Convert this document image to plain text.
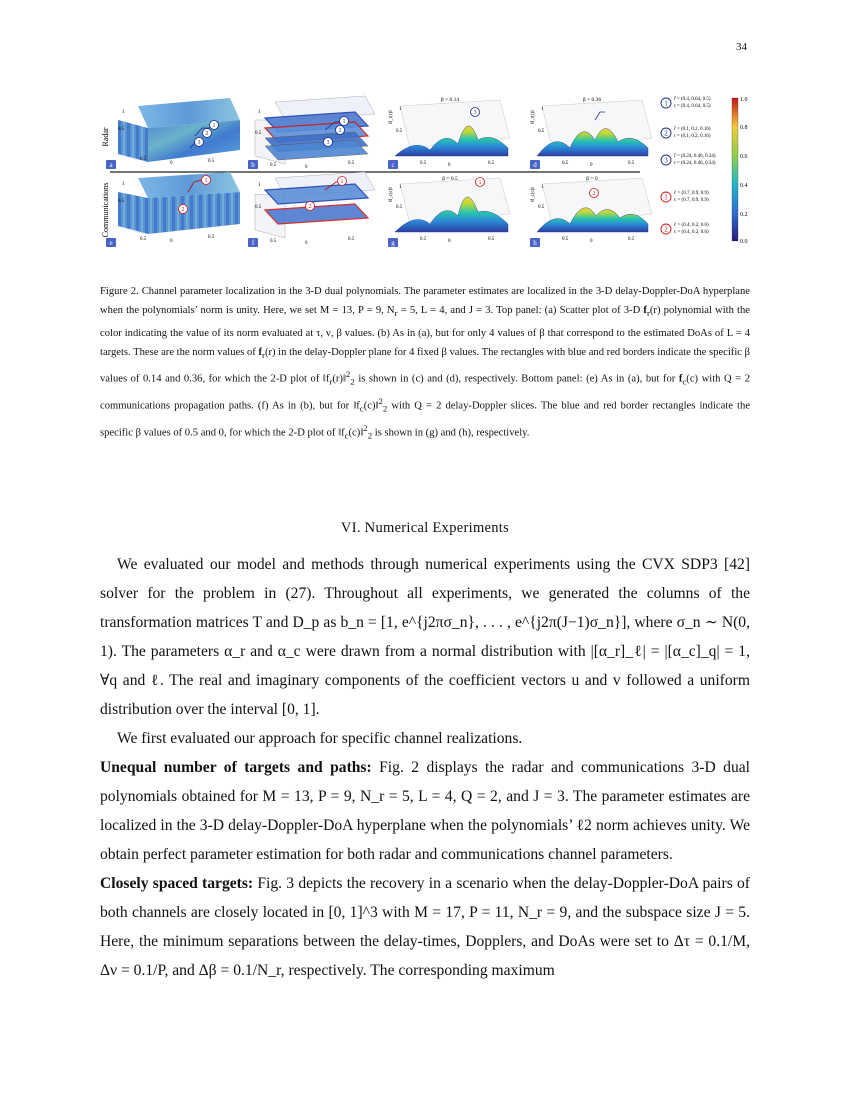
34
Radar
Communications
1
0.5
0.5
0	0.5
1
2
3
a
1
0.5
0.5	0
0.5
1
2
3
b
β = 0.14
‖f_r(r)‖
1
0.5
0.5	0	0.5
3
c
β = 0.36
‖f_r(r)‖
1
0.5
0.5	0	0.5
d
1
0.5
0.5	0
0.5
1
2
e
1
0.5
0.5	0
0.5
1
2
f
β = 0.5
‖f_c(c)‖ 1
0.5
0.5	0	0.5
1
g
β = 0
‖f_c(c)‖ 1
0.5
0.5	0	0.5
2
h
1 r̂ = (0.4, 0.64, 0.5)
r = (0.4, 0.64, 0.5)
2 r̂ = (0.1, 0.2, 0.16)
r = (0.1, 0.2, 0.16)
3 r̂ = (0.24, 0.46, 0.34)
r = (0.24, 0.46, 0.34)
1 ĉ = (0.7, 0.9, 0.9)
c = (0.7, 0.9, 0.9)
2 ĉ = (0.4, 0.2, 0.6)
c = (0.4, 0.2, 0.6)
1.0
0.8
0.6
0.4
0.2
0.0
Figure 2. Channel parameter localization in the 3-D dual polynomials. The parameter estimates are localized in the 3-D delay-Doppler-DoA hyperplane when the polynomials’ norm is unity. Here, we set M = 13, P = 9, $N_r = 5$, L = 4, and J = 3. Top panel: (a) Scatter plot of 3-D $f_r(r)$ polynomial with the color indicating the value of its norm evaluated at τ, ν, β values. (b) As in (a), but for only 4 values of β that correspond to the estimated DoAs of L = 4 targets. These are the norm values of $f_r(r)$ in the delay-Doppler plane for 4 fixed β values. The rectangles with blue and red borders indicate the specific β values of 0.14 and 0.36, for which the 2-D plot of $‖f_r(r)‖^2_2$ is shown in (c) and (d), respectively. Bottom panel: (e) As in (a), but for $f_c(c)$ with Q = 2 communications propagation paths. (f) As in (b), but for $‖f_c(c)‖^2_2$ with Q = 2 delay-Doppler slices. The blue and red border rectangles indicate the specific β values of 0.5 and 0, for which the 2-D plot of $‖f_c(c)‖^2_2$ is shown in (g) and (h), respectively.
VI. Numerical Experiments

We evaluated our model and methods through numerical experiments using the CVX SDP3 [42] solver for the problem in (27). Throughout all experiments, we generated the columns of the transformation matrices T and D_p as b_n = [1, e^{j2πσ_n}, . . . , e^{j2π(J−1)σ_n}], where σ_n ∼ N(0, 1). The parameters α_r and α_c were drawn from a normal distribution with |[α_r]_ℓ| = |[α_c]_q| = 1, ∀q and ℓ. The real and imaginary components of the coefficient vectors u and v followed a uniform distribution over the interval [0, 1].

We first evaluated our approach for specific channel realizations.

Unequal number of targets and paths: Fig. 2 displays the radar and communications 3-D dual polynomials obtained for M = 13, P = 9, N_r = 5, L = 4, Q = 2, and J = 3. The parameter estimates are localized in the 3-D delay-Doppler-DoA hyperplane when the polynomials’ ℓ2 norm achieves unity. We obtain perfect parameter estimation for both radar and communications channel parameters.

Closely spaced targets: Fig. 3 depicts the recovery in a scenario when the delay-Doppler-DoA pairs of both channels are closely located in [0, 1]^3 with M = 17, P = 11, N_r = 9, and the subspace size J = 5. Here, the minimum separations between the delay-times, Dopplers, and DoAs were set to Δτ = 0.1/M, Δν = 0.1/P, and Δβ = 0.1/N_r, respectively. The corresponding maximum
